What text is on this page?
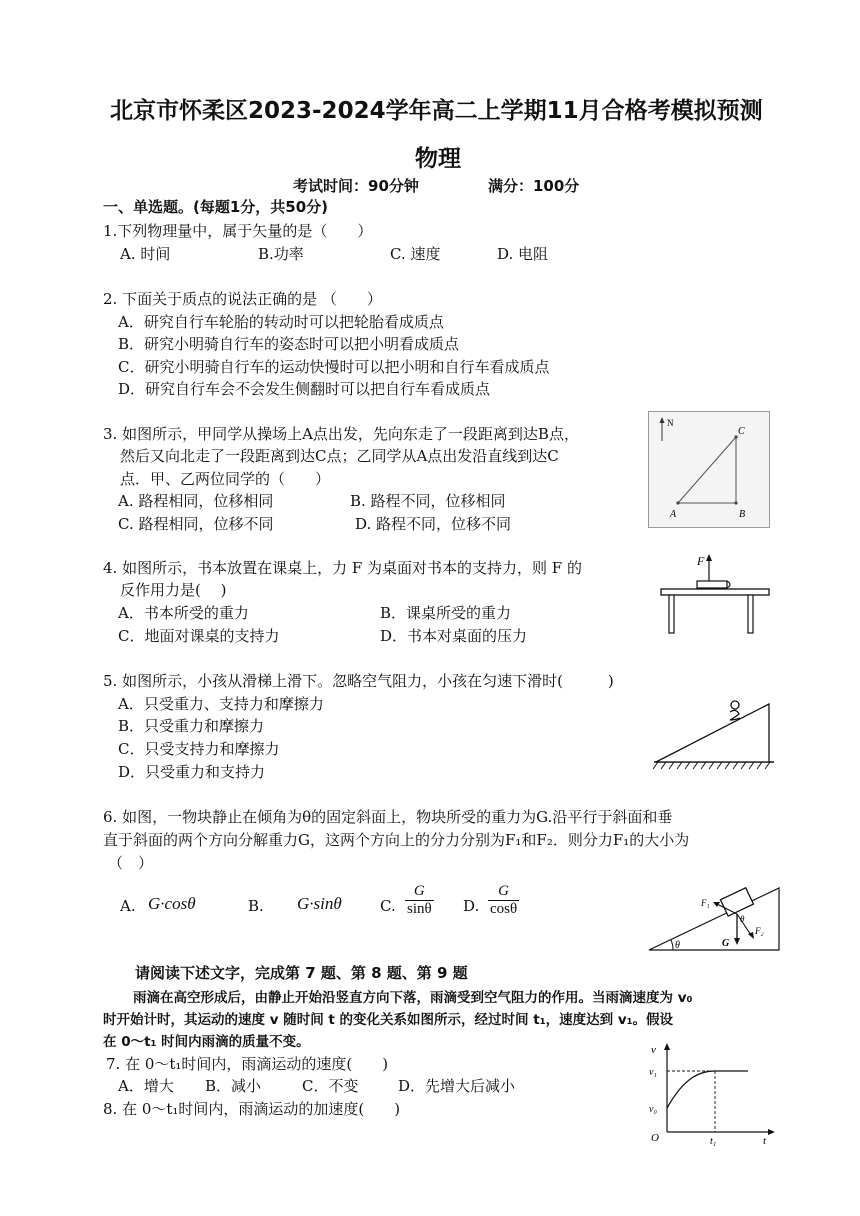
北京市怀柔区2023-2024学年高二上学期11月合格考模拟预测
物理
考试时间：90分钟	满分：100分
一、单选题。(每题1分，共50分)
1.下列物理量中，属于矢量的是（　　）
A. 时间	B.功率	C. 速度	D. 电阻
2. 下面关于质点的说法正确的是 （　　）
A．研究自行车轮胎的转动时可以把轮胎看成质点
B．研究小明骑自行车的姿态时可以把小明看成质点
C．研究小明骑自行车的运动快慢时可以把小明和自行车看成质点
D．研究自行车会不会发生侧翻时可以把自行车看成质点
3. 如图所示，甲同学从操场上A点出发，先向东走了一段距离到达B点，
然后又向北走了一段距离到达C点；乙同学从A点出发沿直线到达C
点．甲、乙两位同学的（　　）
A. 路程相同，位移相同	B. 路程不同，位移相同
C. 路程相同，位移不同	D. 路程不同，位移不同
N
A	B
C
4. 如图所示，书本放置在课桌上，力 F 为桌面对书本的支持力，则 F 的
反作用力是(　 )
A．书本所受的重力	B．课桌所受的重力
C．地面对课桌的支持力	D．书本对桌面的压力
F
5. 如图所示，小孩从滑梯上滑下。忽略空气阻力，小孩在匀速下滑时(　　　)
A．只受重力、支持力和摩擦力
B．只受重力和摩擦力
C．只受支持力和摩擦力
D．只受重力和支持力
6. 如图，一物块静止在倾角为θ的固定斜面上，物块所受的重力为G.沿平行于斜面和垂
直于斜面的两个方向分解重力G，这两个方向上的分力分别为F₁和F₂．则分力F₁的大小为
（　）
A. G·cosθ	B. G·sinθ	C. $\frac{G}{\sin\theta} D$. $\frac{G}{\cos\theta}$
θ
F₁
F₂
G
θ
请阅读下述文字，完成第 7 题、第 8 题、第 9 题
雨滴在高空形成后，由静止开始沿竖直方向下落，雨滴受到空气阻力的作用。当雨滴速度为 v₀
时开始计时，其运动的速度 v 随时间 t 的变化关系如图所示，经过时间 t₁，速度达到 v₁。假设
在 0～t₁ 时间内雨滴的质量不变。
7. 在 0～t₁时间内，雨滴运动的速度(　　)
A．增大 B．减小	C．不变	D．先增大后减小
8. 在 0～t₁时间内，雨滴运动的加速度(　　)
v
v₁
v₀
O	t₁	t
